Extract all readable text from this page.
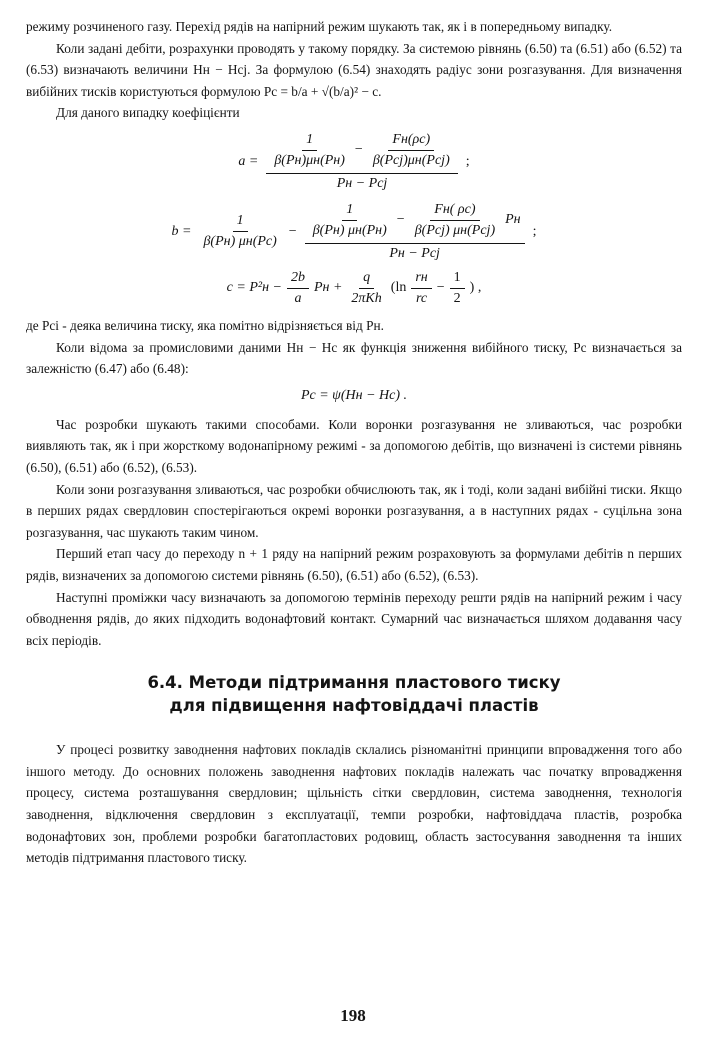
режиму розчиненого газу. Перехід рядів на напірний режим шукають так, як і в попередньому випадку.

Коли задані дебіти, розрахунки проводять у такому порядку. За системою рівнянь (6.50) та (6.51) або (6.52) та (6.53) визначають величини Hн − Hcj. За формулою (6.54) знаходять радіус зони розгазування. Для визначення вибійних тисків користуються формулою Pc = b/a + √(b/a)² − c.

Для даного випадку коефіцієнти

$a = \frac{1}{\beta(Pн)\mu н(Pн)} - \frac{Fн(\rho c)}{\text{β(Pcj)μн(Pcj)}}$
Pн − Pcj
;
$b = \frac{1}{\beta(Pн) \mu н(Pc)} - \frac{1}{\beta(Pн) \mu н(Pн)} - \frac{Fн( \rho c)}{\text{β(Pcj) μн(Pcj)}}$ Pн
Pн − Pcj
;
$c = P^2н - \frac{2b}{a}$ Pн + $\frac{q}{\text{2πKh}} (\ln \frac{rн}{rc} - \frac{1}{2}$ ) ,

де Pci - деяка величина тиску, яка помітно відрізняється від Pн.

Коли відома за промисловими даними Hн − Hс як функція зниження вибійного тиску, Pc визначається за залежністю (6.47) або (6.48):

Pc = ψ(Hн − Hc) .

Час розробки шукають такими способами. Коли воронки розгазування не зливаються, час розробки виявляють так, як і при жорсткому водонапірному режимі - за допомогою дебітів, що визначені із системи рівнянь (6.50), (6.51) або (6.52), (6.53).

Коли зони розгазування зливаються, час розробки обчислюють так, як і тоді, коли задані вибійні тиски. Якщо в перших рядах свердловин спостерігаються окремі воронки розгазування, а в наступних рядах - суцільна зона розгазування, час шукають таким чином.

Перший етап часу до переходу n + 1 ряду на напірний режим розраховують за формулами дебітів n перших рядів, визначених за допомогою системи рівнянь (6.50), (6.51) або (6.52), (6.53).

Наступні проміжки часу визначають за допомогою термінів переходу решти рядів на напірний режим і часу обводнення рядів, до яких підходить водонафтовий контакт. Сумарний час визначається шляхом додавання часу всіх періодів.

6.4. Методи підтримання пластового тиску
для підвищення нафтовіддачі пластів

У процесі розвитку заводнення нафтових покладів склались різноманітні принципи впровадження того або іншого методу. До основних положень заводнення нафтових покладів належать час початку впровадження процесу, система розташування свердловин; щільність сітки свердловин, система заводнення, технологія заводнення, відключення свердловин з експлуатації, темпи розробки, нафтовіддача пластів, розробка водонафтових зон, проблеми розробки багатопластових родовищ, область застосування заводнення та інших методів підтримання пластового тиску.

198
